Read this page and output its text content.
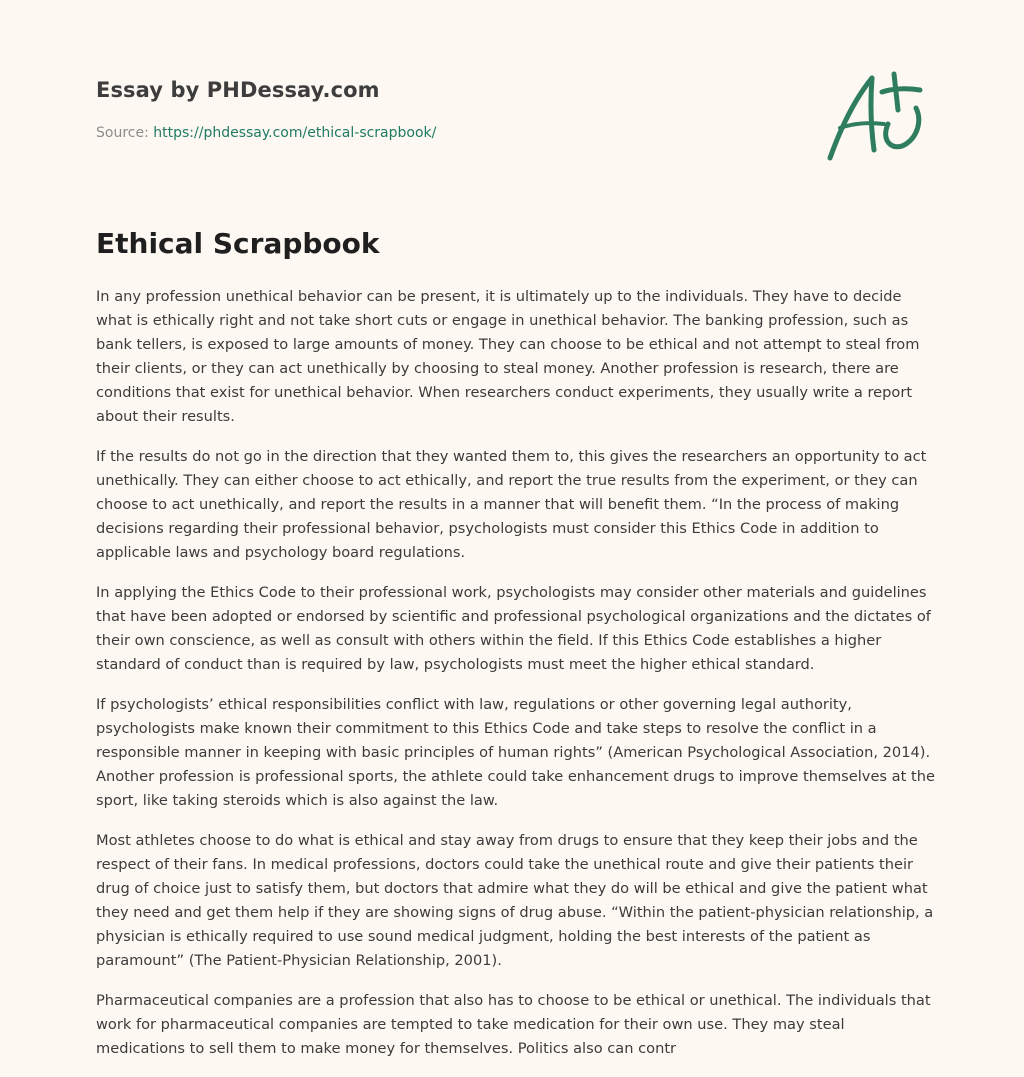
Essay by PHDessay.com
Source: https://phdessay.com/ethical-scrapbook/
Ethical Scrapbook

In any profession unethical behavior can be present, it is ultimately up to the individuals. They have to decide what is ethically right and not take short cuts or engage in unethical behavior. The banking profession, such as bank tellers, is exposed to large amounts of money. They can choose to be ethical and not attempt to steal from their clients, or they can act unethically by choosing to steal money. Another profession is research, there are conditions that exist for unethical behavior. When researchers conduct experiments, they usually write a report about their results.

If the results do not go in the direction that they wanted them to, this gives the researchers an opportunity to act unethically. They can either choose to act ethically, and report the true results from the experiment, or they can choose to act unethically, and report the results in a manner that will benefit them. “In the process of making decisions regarding their professional behavior, psychologists must consider this Ethics Code in addition to applicable laws and psychology board regulations.

In applying the Ethics Code to their professional work, psychologists may consider other materials and guidelines that have been adopted or endorsed by scientific and professional psychological organizations and the dictates of their own conscience, as well as consult with others within the field. If this Ethics Code establishes a higher standard of conduct than is required by law, psychologists must meet the higher ethical standard.

If psychologists’ ethical responsibilities conflict with law, regulations or other governing legal authority, psychologists make known their commitment to this Ethics Code and take steps to resolve the conflict in a responsible manner in keeping with basic principles of human rights” (American Psychological Association, 2014). Another profession is professional sports, the athlete could take enhancement drugs to improve themselves at the sport, like taking steroids which is also against the law.

Most athletes choose to do what is ethical and stay away from drugs to ensure that they keep their jobs and the respect of their fans. In medical professions, doctors could take the unethical route and give their patients their drug of choice just to satisfy them, but doctors that admire what they do will be ethical and give the patient what they need and get them help if they are showing signs of drug abuse. “Within the patient-physician relationship, a physician is ethically required to use sound medical judgment, holding the best interests of the patient as paramount” (The Patient-Physician Relationship, 2001).

Pharmaceutical companies are a profession that also has to choose to be ethical or unethical. The individuals that work for pharmaceutical companies are tempted to take medication for their own use. They may steal medications to sell them to make money for themselves. Politics also can contr
